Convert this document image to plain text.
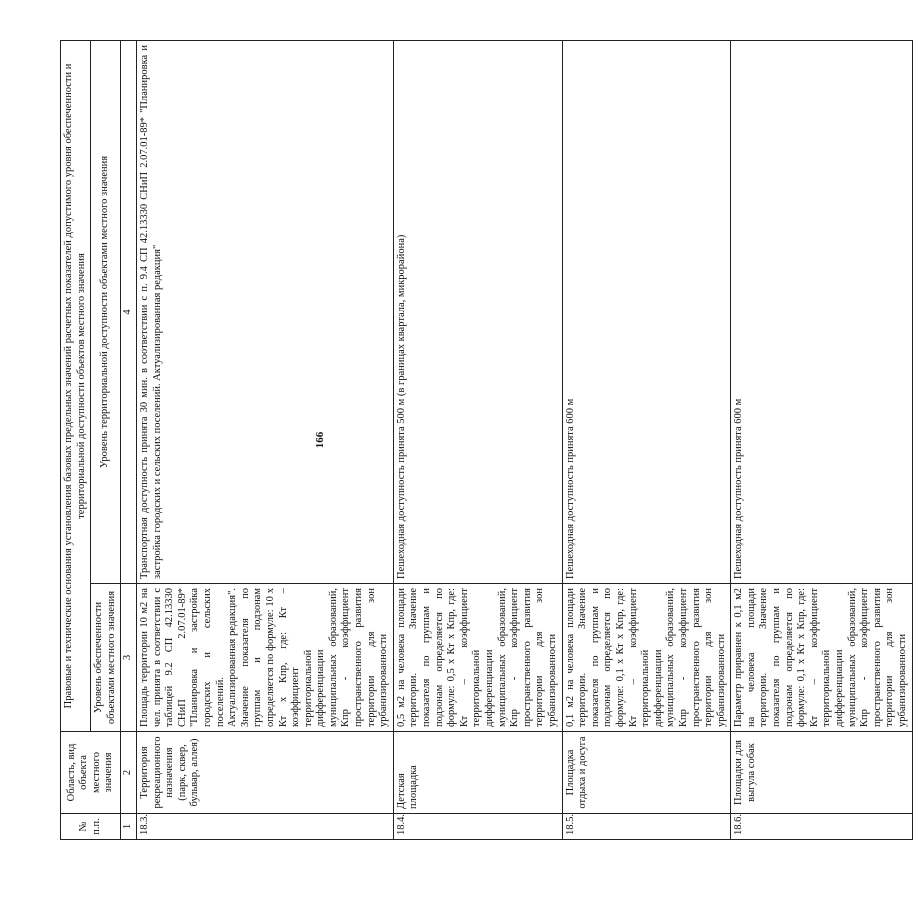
166
№ п.п.	Область, вид объекта местного значения	Правовые и технические основания установления базовых предельных значений расчетных показателей допустимого уровня обеспеченности и территориальной доступности объектов местного значения	
		Уровень обеспеченности объектами местного значения	Уровень территориальной доступности объектами местного значения
1	2	3	4
18.3.	Территория рекреационного назначения (парк, сквер, бульвар, аллея)	Площадь территории 10 м2 на чел. принята в соответствии с таблицей 9.2 СП 42.13330 СНиП 2.07.01-89* "Планировка и застройка городских и сельских поселений. Актуализированная редакция". Значение показателя по группам и подзонам определяется по формуле: 10 х Кт х Кпр, где: Кт – коэффициент территориальной дифференциации муниципальных образований, Кпр - коэффициент пространственного развития территории для зон урбанизированности	Транспортная доступность принята 30 мин. в соответствии с п. 9.4 СП 42.13330 СНиП 2.07.01-89* "Планировка и застройка городских и сельских поселений. Актуализированная редакция"
18.4.	Детская площадка	0,5 м2 на человека площади территории. Значение показателя по группам и подзонам определяется по формуле: 0,5 х Кт х Кпр, где: Кт – коэффициент территориальной дифференциации муниципальных образований, Кпр - коэффициент пространственного развития территории для зон урбанизированности	Пешеходная доступность принята 500 м (в границах квартала, микрорайона)
18.5.	Площадка отдыха и досуга	0,1 м2 на человека площади территории. Значение показателя по группам и подзонам определяется по формуле: 0,1 х Кт х Кпр, где: Кт – коэффициент территориальной дифференциации муниципальных образований, Кпр - коэффициент пространственного развития территории для зон урбанизированности	Пешеходная доступность принята 600 м
18.6.	Площадки для выгула собак	Параметр приравнен к 0,1 м2 на человека площади территории. Значение показателя по группам и подзонам определяется по формуле: 0,1 х Кт х Кпр, где: Кт – коэффициент территориальной дифференциации муниципальных образований, Кпр - коэффициент пространственного развития территории для зон урбанизированности	Пешеходная доступность принята 600 м
